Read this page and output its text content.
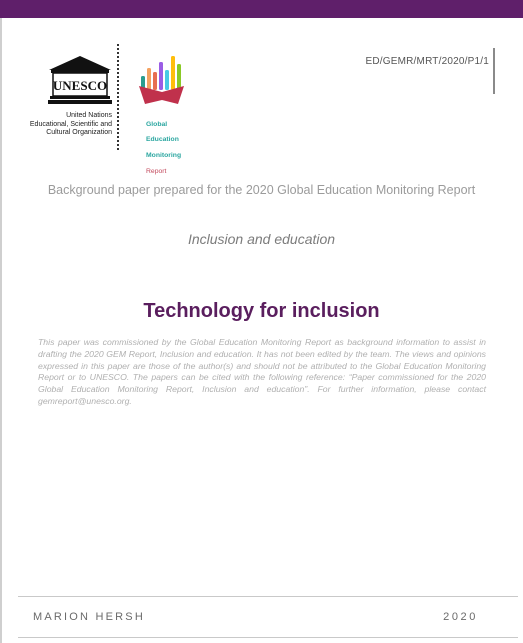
UNESCO
United Nations
Educational, Scientific and
Cultural Organization

Global

Education

Monitoring

Report

ED/GEMR/MRT/2020/P1/1
Background paper prepared for the 2020 Global Education Monitoring Report
Inclusion and education
Technology for inclusion
This paper was commissioned by the Global Education Monitoring Report as background information to assist in drafting the 2020 GEM Report, Inclusion and education. It has not been edited by the team. The views and opinions expressed in this paper are those of the author(s) and should not be attributed to the Global Education Monitoring Report or to UNESCO. The papers can be cited with the following reference: “Paper commissioned for the 2020 Global Education Monitoring Report, Inclusion and education”. For further information, please contact gemreport@unesco.org.
MARION HERSH	2020
